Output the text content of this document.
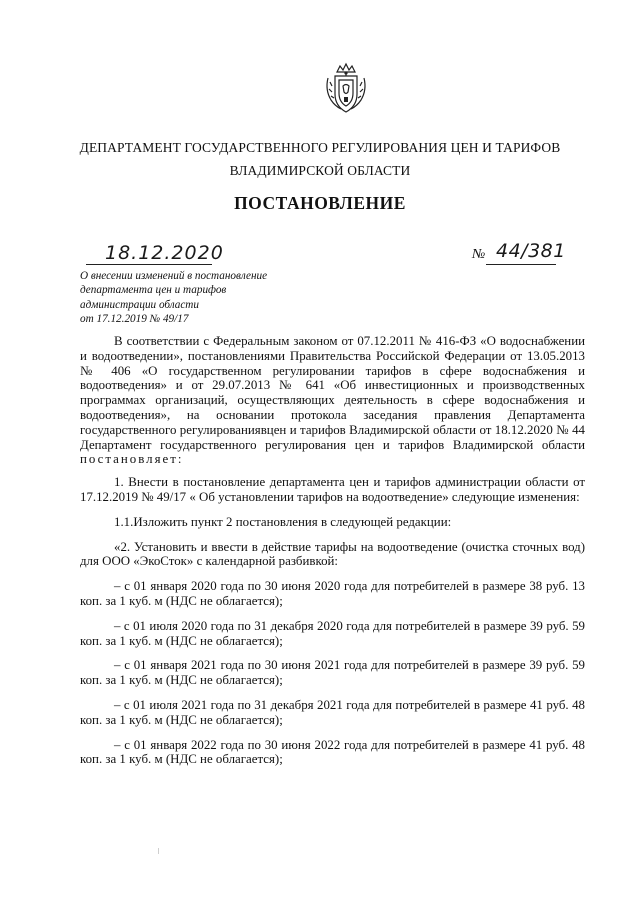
ДЕПАРТАМЕНТ ГОСУДАРСТВЕННОГО РЕГУЛИРОВАНИЯ ЦЕН И ТАРИФОВ
ВЛАДИМИРСКОЙ ОБЛАСТИ
ПОСТАНОВЛЕНИЕ
18.12.2020	№ 44/381
О внесении изменений в постановление
департамента цен и тарифов
администрации области
от 17.12.2019 № 49/17

В соответствии с Федеральным законом от 07.12.2011 № 416-ФЗ «О водоснабжении и водоотведении», постановлениями Правительства Российской Федерации от 13.05.2013 № 406 «О государственном регулировании тарифов в сфере водоснабжения и водоотведения» и от 29.07.2013 № 641 «Об инвестиционных и производственных программах организаций, осуществляющих деятельность в сфере водоснабжения и водоотведения», на основании протокола заседания правления Департамента государственного регулированиявцен и тарифов Владимирской области от 18.12.2020 № 44 Департамент государственного регулирования цен и тарифов Владимирской области постановляет:

1. Внести в постановление департамента цен и тарифов администрации области от 17.12.2019 № 49/17 « Об установлении тарифов на водоотведение» следующие изменения:

1.1.Изложить пункт 2 постановления в следующей редакции:

«2. Установить и ввести в действие тарифы на водоотведение (очистка сточных вод) для ООО «ЭкоСток» с календарной разбивкой:

– с 01 января 2020 года по 30 июня 2020 года для потребителей в размере 38 руб. 13 коп. за 1 куб. м (НДС не облагается);

– с 01 июля 2020 года по 31 декабря 2020 года для потребителей в размере 39 руб. 59 коп. за 1 куб. м (НДС не облагается);

– с 01 января 2021 года по 30 июня 2021 года для потребителей в размере 39 руб. 59 коп. за 1 куб. м (НДС не облагается);

– с 01 июля 2021 года по 31 декабря 2021 года для потребителей в размере 41 руб. 48 коп. за 1 куб. м (НДС не облагается);

– с 01 января 2022 года по 30 июня 2022 года для потребителей в размере 41 руб. 48 коп. за 1 куб. м (НДС не облагается);
